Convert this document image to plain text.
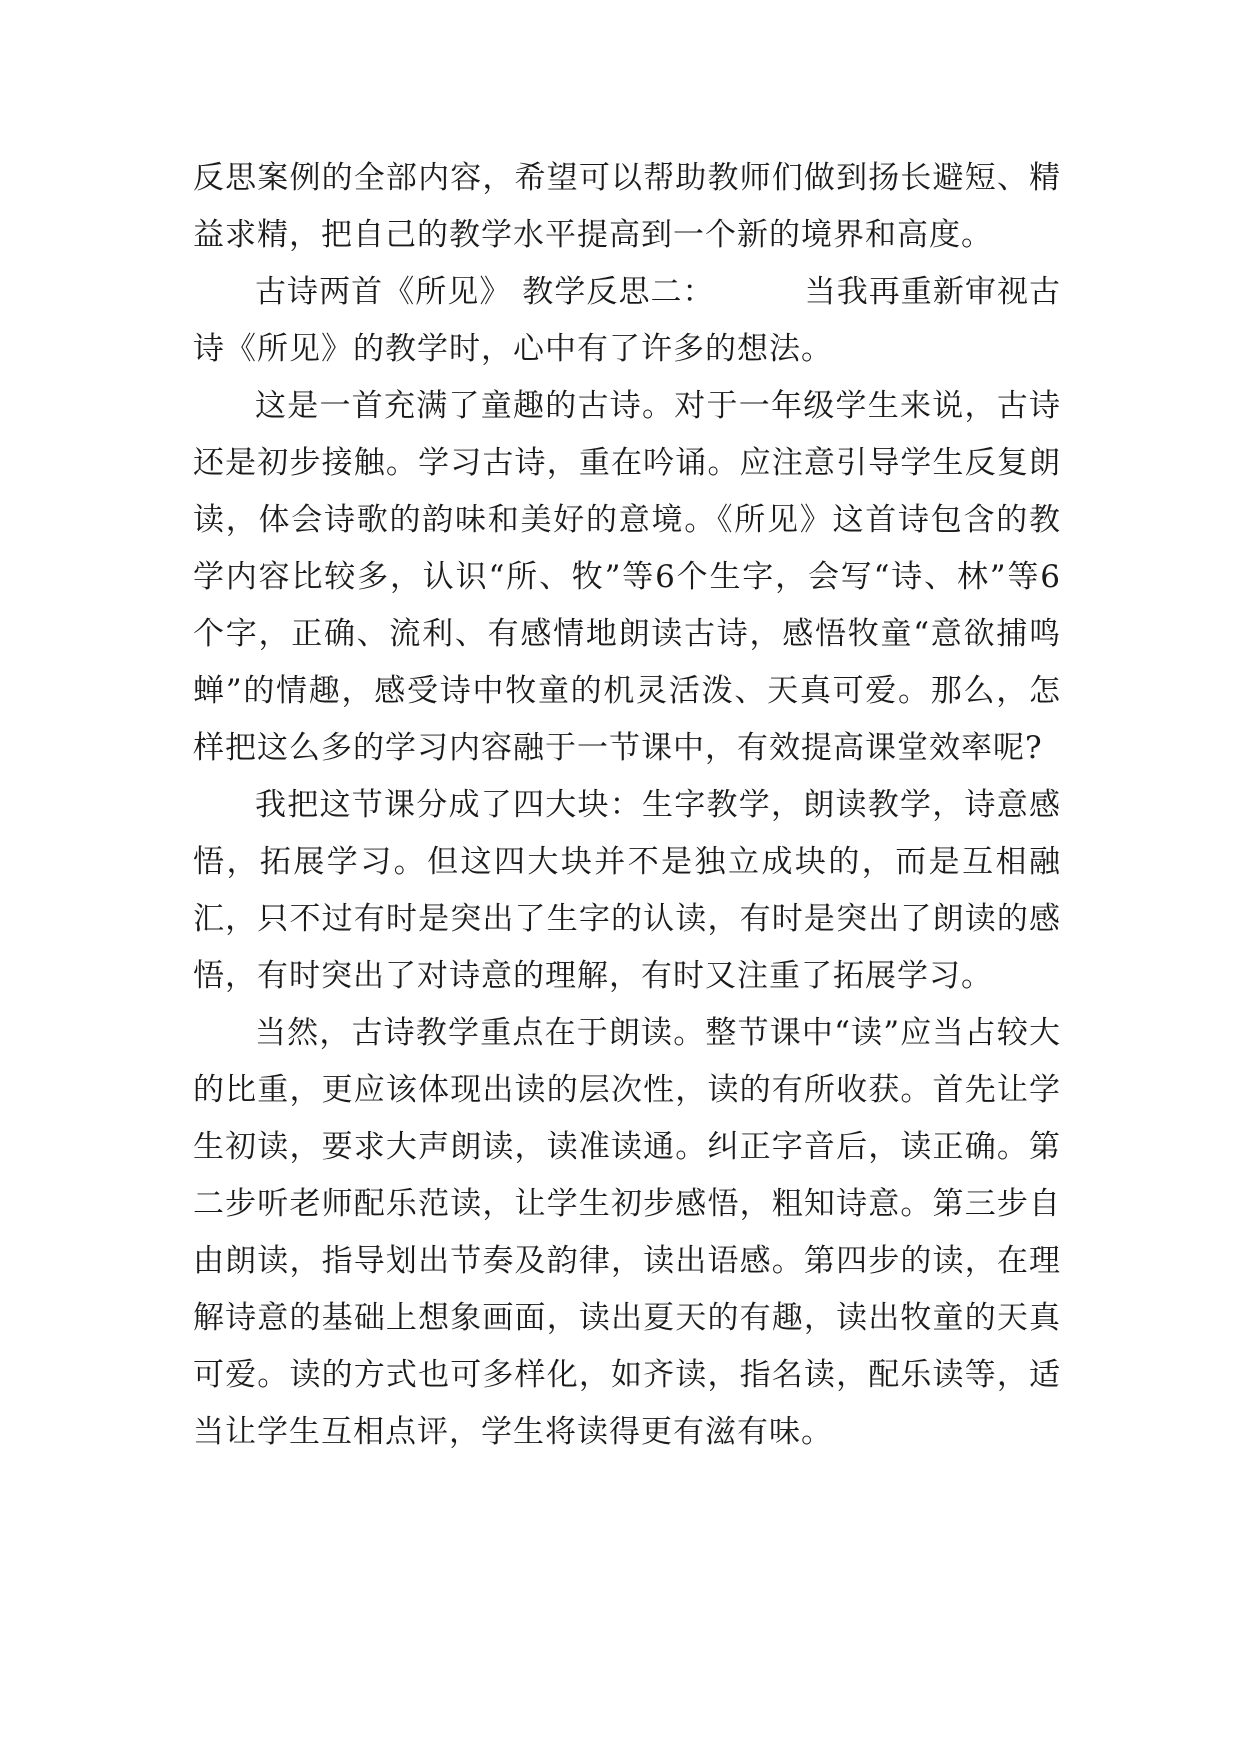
反思案例的全部内容，希望可以帮助教师们做到扬长避短、精益求精，把自己的教学水平提高到一个新的境界和高度。

古诗两首《所见》 教学反思二：	当我再重新审视古诗《所见》的教学时，心中有了许多的想法。

这是一首充满了童趣的古诗。对于一年级学生来说，古诗还是初步接触。学习古诗，重在吟诵。应注意引导学生反复朗读，体会诗歌的韵味和美好的意境。《所见》这首诗包含的教学内容比较多，认识“所、牧”等6个生字，会写“诗、林”等6个字，正确、流利、有感情地朗读古诗，感悟牧童“意欲捕鸣蝉”的情趣，感受诗中牧童的机灵活泼、天真可爱。那么，怎样把这么多的学习内容融于一节课中，有效提高课堂效率呢?

我把这节课分成了四大块：生字教学，朗读教学，诗意感悟，拓展学习。但这四大块并不是独立成块的，而是互相融汇，只不过有时是突出了生字的认读，有时是突出了朗读的感悟，有时突出了对诗意的理解，有时又注重了拓展学习。

当然，古诗教学重点在于朗读。整节课中“读”应当占较大的比重，更应该体现出读的层次性，读的有所收获。首先让学生初读，要求大声朗读，读准读通。纠正字音后，读正确。第二步听老师配乐范读，让学生初步感悟，粗知诗意。第三步自由朗读，指导划出节奏及韵律，读出语感。第四步的读，在理解诗意的基础上想象画面，读出夏天的有趣，读出牧童的天真可爱。读的方式也可多样化，如齐读，指名读，配乐读等，适当让学生互相点评，学生将读得更有滋有味。
